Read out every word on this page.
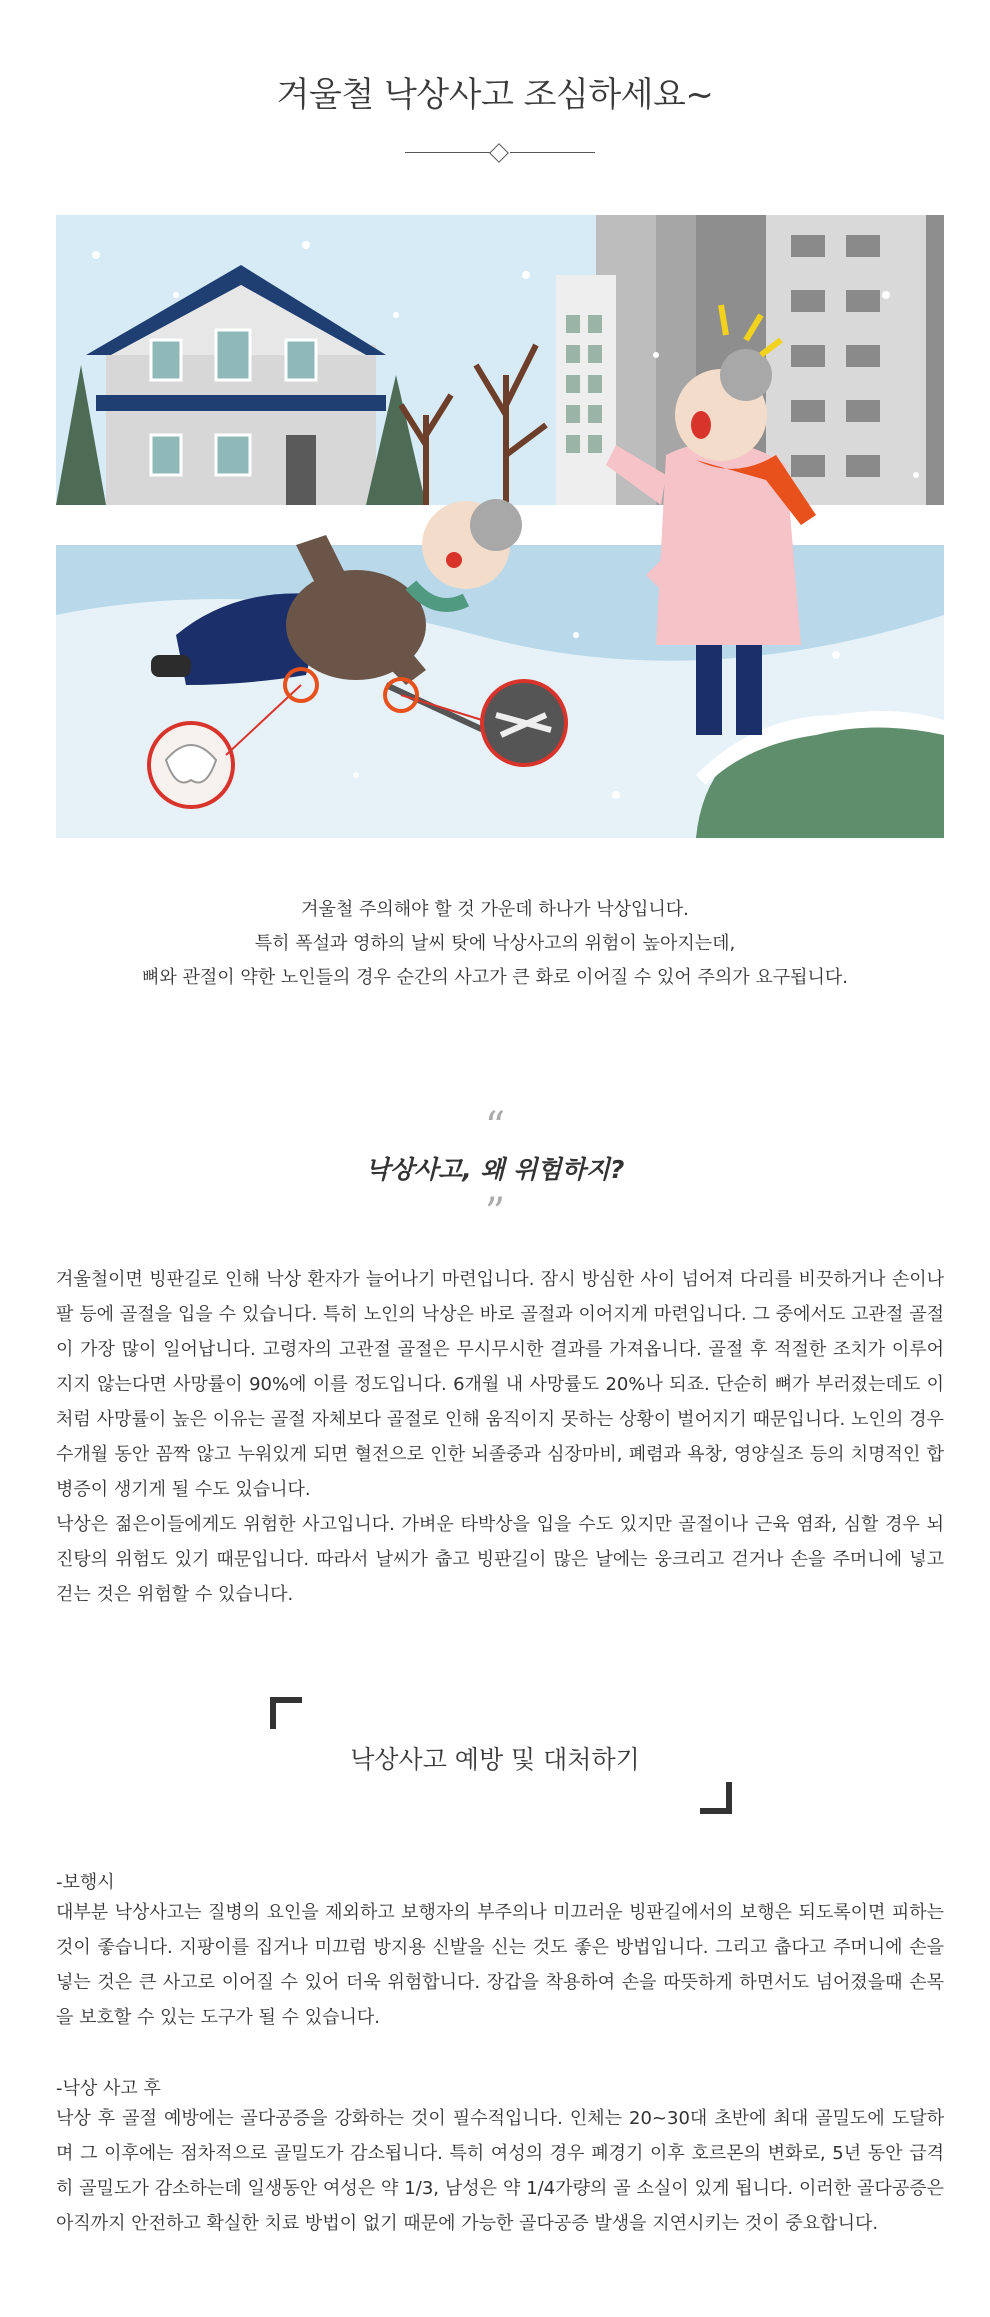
겨울철 낙상사고 조심하세요~
겨울철 주의해야 할 것 가운데 하나가 낙상입니다.
특히 폭설과 영하의 날씨 탓에 낙상사고의 위험이 높아지는데,
뼈와 관절이 약한 노인들의 경우 순간의 사고가 큰 화로 이어질 수 있어 주의가 요구됩니다.
“
낙상사고, 왜 위험하지?
”
겨울철이면 빙판길로 인해 낙상 환자가 늘어나기 마련입니다. 잠시 방심한 사이 넘어져 다리를 비끗하거나 손이나 팔 등에 골절을 입을 수 있습니다. 특히 노인의 낙상은 바로 골절과 이어지게 마련입니다. 그 중에서도 고관절 골절이 가장 많이 일어납니다. 고령자의 고관절 골절은 무시무시한 결과를 가져옵니다. 골절 후 적절한 조치가 이루어지지 않는다면 사망률이 90%에 이를 정도입니다. 6개월 내 사망률도 20%나 되죠. 단순히 뼈가 부러졌는데도 이처럼 사망률이 높은 이유는 골절 자체보다 골절로 인해 움직이지 못하는 상황이 벌어지기 때문입니다. 노인의 경우 수개월 동안 꼼짝 않고 누워있게 되면 혈전으로 인한 뇌졸중과 심장마비, 폐렴과 욕창, 영양실조 등의 치명적인 합병증이 생기게 될 수도 있습니다.
낙상은 젊은이들에게도 위험한 사고입니다. 가벼운 타박상을 입을 수도 있지만 골절이나 근육 염좌, 심할 경우 뇌진탕의 위험도 있기 때문입니다. 따라서 날씨가 춥고 빙판길이 많은 날에는 웅크리고 걷거나 손을 주머니에 넣고 걷는 것은 위험할 수 있습니다.
낙상사고 예방 및 대처하기
-보행시
대부분 낙상사고는 질병의 요인을 제외하고 보행자의 부주의나 미끄러운 빙판길에서의 보행은 되도록이면 피하는 것이 좋습니다. 지팡이를 집거나 미끄럼 방지용 신발을 신는 것도 좋은 방법입니다. 그리고 춥다고 주머니에 손을 넣는 것은 큰 사고로 이어질 수 있어 더욱 위험합니다. 장갑을 착용하여 손을 따뜻하게 하면서도 넘어졌을때 손목을 보호할 수 있는 도구가 될 수 있습니다.
-낙상 사고 후
낙상 후 골절 예방에는 골다공증을 강화하는 것이 필수적입니다. 인체는 20~30대 초반에 최대 골밀도에 도달하며 그 이후에는 점차적으로 골밀도가 감소됩니다. 특히 여성의 경우 폐경기 이후 호르몬의 변화로, 5년 동안 급격히 골밀도가 감소하는데 일생동안 여성은 약 1/3, 남성은 약 1/4가량의 골 소실이 있게 됩니다. 이러한 골다공증은 아직까지 안전하고 확실한 치료 방법이 없기 때문에 가능한 골다공증 발생을 지연시키는 것이 중요합니다.
